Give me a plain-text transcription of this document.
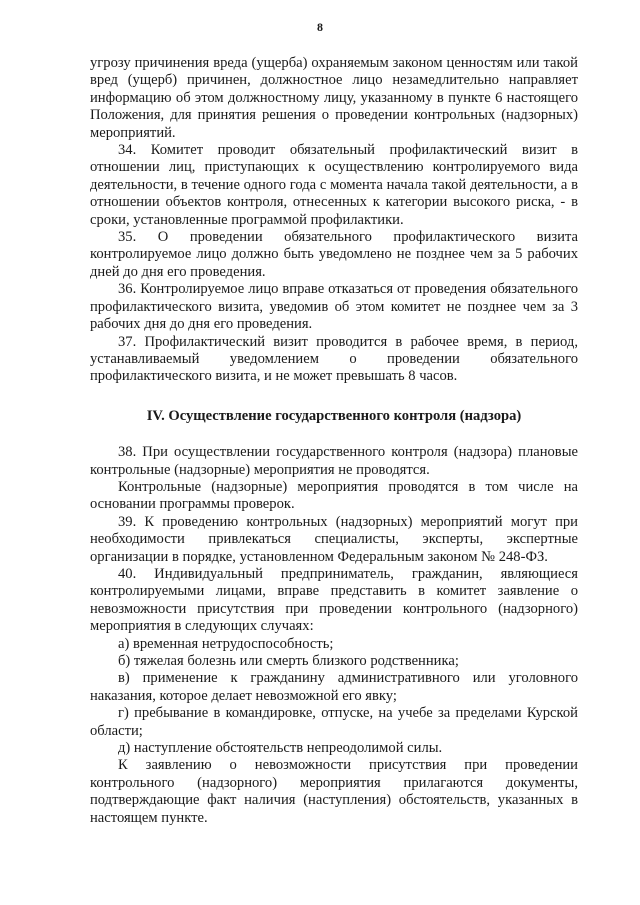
8

угрозу причинения вреда (ущерба) охраняемым законом ценностям или такой вред (ущерб) причинен, должностное лицо незамедлительно направляет информацию об этом должностному лицу, указанному в пункте 6 настоящего Положения, для принятия решения о проведении контрольных (надзорных) мероприятий.

34. Комитет проводит обязательный профилактический визит в отношении лиц, приступающих к осуществлению контролируемого вида деятельности, в течение одного года с момента начала такой деятельности, а в отношении объектов контроля, отнесенных к категории высокого риска, - в сроки, установленные программой профилактики.

35. О проведении обязательного профилактического визита контролируемое лицо должно быть уведомлено не позднее чем за 5 рабочих дней до дня его проведения.

36. Контролируемое лицо вправе отказаться от проведения обязательного профилактического визита, уведомив об этом комитет не позднее чем за 3 рабочих дня до дня его проведения.

37. Профилактический визит проводится в рабочее время, в период, устанавливаемый уведомлением о проведении обязательного профилактического визита, и не может превышать 8 часов.

IV. Осуществление государственного контроля (надзора)

38. При осуществлении государственного контроля (надзора) плановые контрольные (надзорные) мероприятия не проводятся.

Контрольные (надзорные) мероприятия проводятся в том числе на основании программы проверок.

39. К проведению контрольных (надзорных) мероприятий могут при необходимости привлекаться специалисты, эксперты, экспертные организации в порядке, установленном Федеральным законом № 248-ФЗ.

40. Индивидуальный предприниматель, гражданин, являющиеся контролируемыми лицами, вправе представить в комитет заявление о невозможности присутствия при проведении контрольного (надзорного) мероприятия в следующих случаях:

а) временная нетрудоспособность;

б) тяжелая болезнь или смерть близкого родственника;

в) применение к гражданину административного или уголовного наказания, которое делает невозможной его явку;

г) пребывание в командировке, отпуске, на учебе за пределами Курской области;

д) наступление обстоятельств непреодолимой силы.

К заявлению о невозможности присутствия при проведении контрольного (надзорного) мероприятия прилагаются документы, подтверждающие факт наличия (наступления) обстоятельств, указанных в настоящем пункте.
